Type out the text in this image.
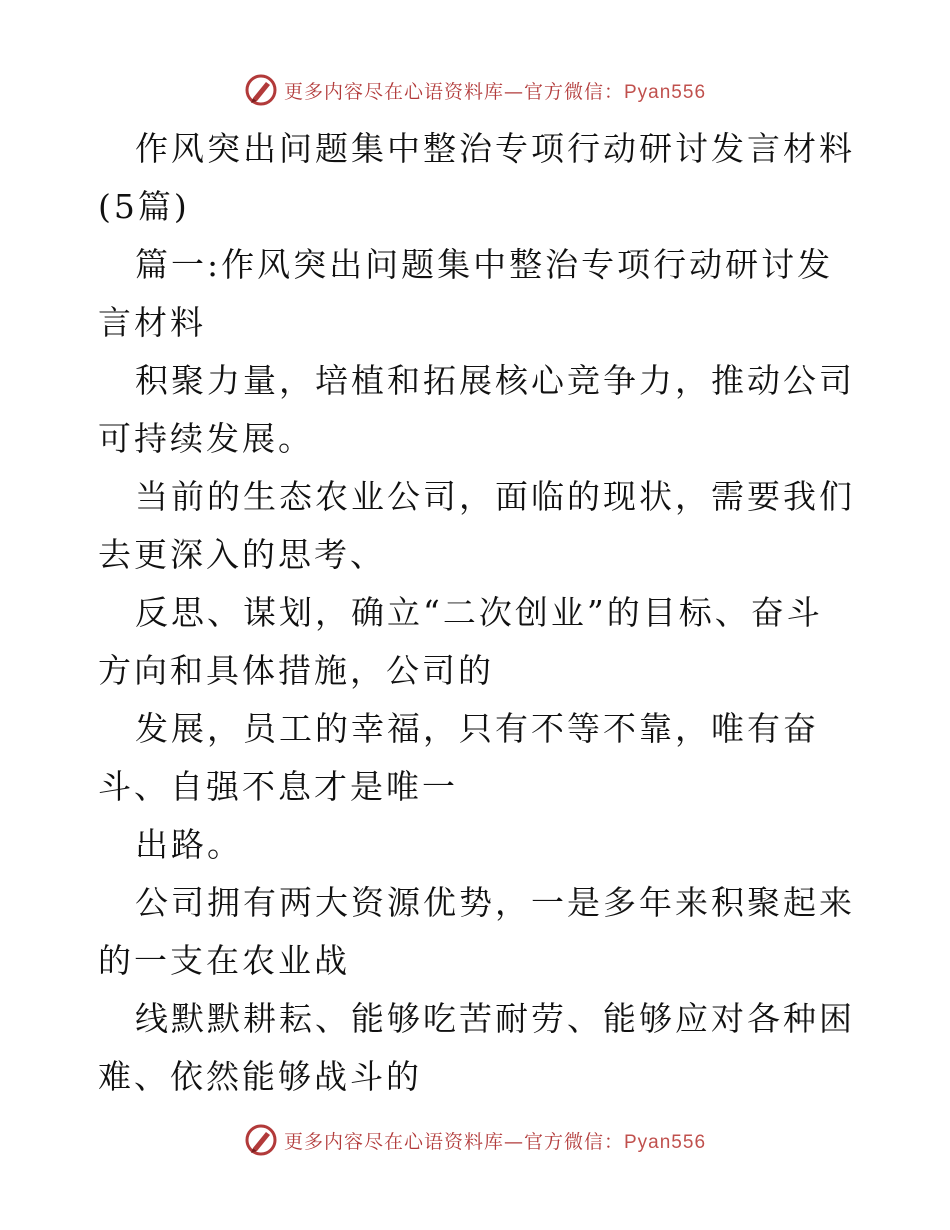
更多内容尽在心语资料库—官方微信：Pyan556

作风突出问题集中整治专项行动研讨发言材料(5篇)

篇一:作风突出问题集中整治专项行动研讨发言材料

积聚力量，培植和拓展核心竞争力，推动公司可持续发展。

当前的生态农业公司，面临的现状，需要我们去更深入的思考、

反思、谋划，确立“二次创业”的目标、奋斗方向和具体措施，公司的

发展，员工的幸福，只有不等不靠，唯有奋斗、自强不息才是唯一

出路。

公司拥有两大资源优势，一是多年来积聚起来的一支在农业战

线默默耕耘、能够吃苦耐劳、能够应对各种困难、依然能够战斗的

更多内容尽在心语资料库—官方微信：Pyan556
